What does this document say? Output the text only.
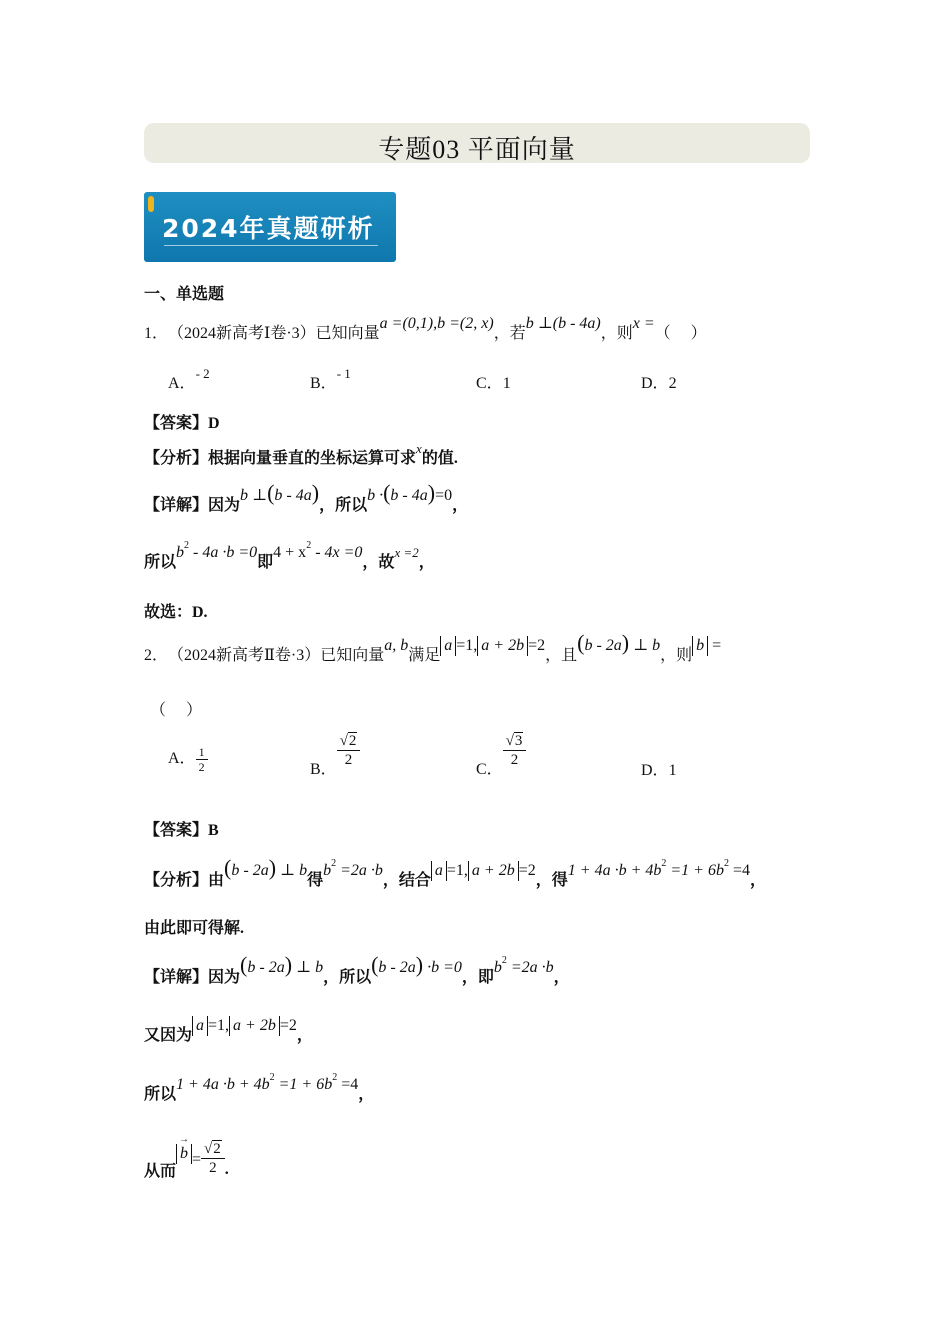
专题03 平面向量
2024年真题研析
一、单选题
1． （2024新高考Ⅰ卷·3）已知向量a =(0,1),b =(2, x)，若b ⊥(b - 4a)，则x =（　 ）
A．$^{- 2}$
B．$^{- 1}$
C．1	D．2
【答案】D
【分析】根据向量垂直的坐标运算可求$^x$的值.
【详解】因为b ⊥(b - 4a)，所以b ·(b - 4a)=0，
所以$b^2 - 4a \cdot b =0$即$4 + x^2 - 4x =0$，故$^{x =2}$，
故选：D.
2． （2024新高考Ⅱ卷·3）已知向量a, b满足a =1, a + 2b =2，且(b - 2a) ⊥ b，则b =
（　 ）
A． $\frac{1}{2}$	B．
$\frac{√2}{2}$
C．
$\frac{√3}{2}$
D．1
【答案】B
【分析】由(b - 2a) ⊥ b得$b^2 =2a \cdot b$，结合a =1, a + 2b =2，得$1 + 4a \cdot b + 4b^2 =1 + 6b^2 =4$，
由此即可得解.
【详解】因为(b - 2a) ⊥ b，所以(b - 2a) ·b =0，即$b^2 =2a \cdot b$，
又因为a =1, a + 2b =2，
所以$1 + 4a \cdot b + 4b^2 =1 + 6b^2 =4$，
从而
→
$b = \frac{√2}{2}$ .
